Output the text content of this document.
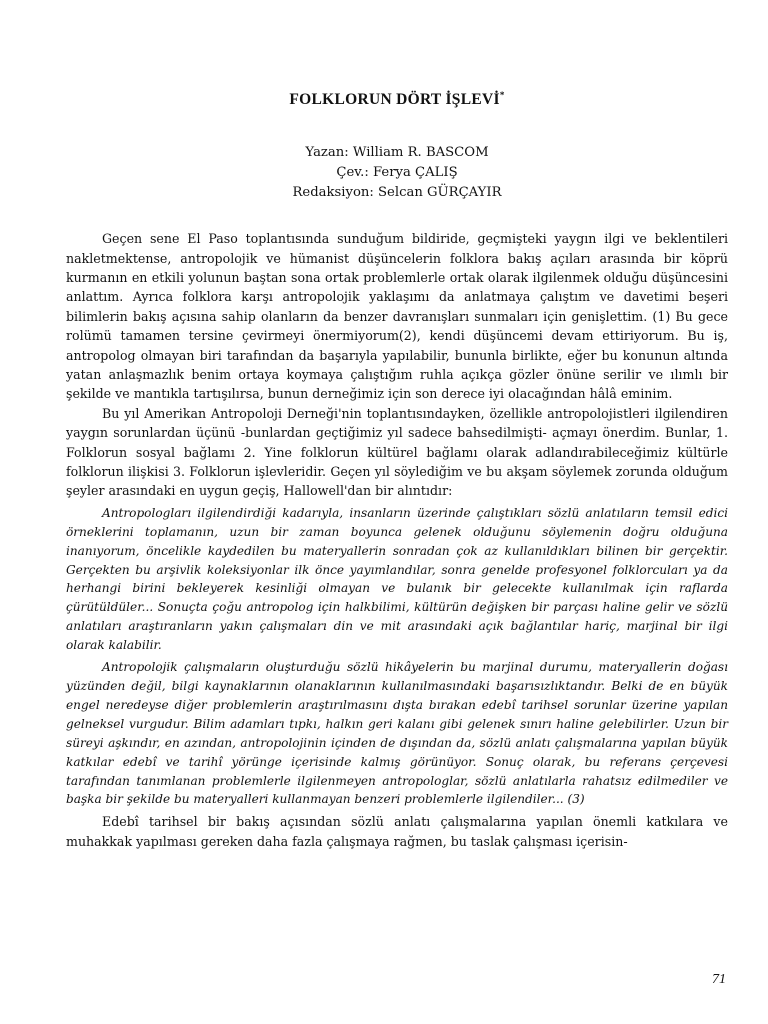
FOLKLORUN DÖRT İŞLEVİ*
Yazan: William R. BASCOM
Çev.: Ferya ÇALIŞ
Redaksiyon: Selcan GÜRÇAYIR

Geçen sene El Paso toplantısında sunduğum bildiride, geçmişteki yaygın ilgi ve beklentileri nakletmektense, antropolojik ve hümanist düşüncelerin folklora bakış açıları arasında bir köprü kurmanın en etkili yolunun baştan sona ortak problemlerle ortak olarak ilgilenmek olduğu düşüncesini anlattım. Ayrıca folklora karşı antropolojik yaklaşımı da anlatmaya çalıştım ve davetimi beşeri bilimlerin bakış açısına sahip olanların da benzer davranışları sunmaları için genişlettim. (1) Bu gece rolümü tamamen tersine çevirmeyi önermiyorum(2), kendi düşüncemi devam ettiriyorum. Bu iş, antropolog olmayan biri tarafından da başarıyla yapılabilir, bununla birlikte, eğer bu konunun altında yatan anlaşmazlık benim ortaya koymaya çalıştığım ruhla açıkça gözler önüne serilir ve ılımlı bir şekilde ve mantıkla tartışılırsa, bunun derneğimiz için son derece iyi olacağından hâlâ eminim.

Bu yıl Amerikan Antropoloji Derneği'nin toplantısındayken, özellikle antropolojistleri ilgilendiren yaygın sorunlardan üçünü -bunlardan geçtiğimiz yıl sadece bahsedilmişti- açmayı önerdim. Bunlar, 1. Folklorun sosyal bağlamı 2. Yine folklorun kültürel bağlamı olarak adlandırabileceğimiz kültürle folklorun ilişkisi 3. Folklorun işlevleridir. Geçen yıl söylediğim ve bu akşam söylemek zorunda olduğum şeyler arasındaki en uygun geçiş, Hallowell'dan bir alıntıdır:

Antropologları ilgilendirdiği kadarıyla, insanların üzerinde çalıştıkları sözlü anlatıların temsil edici örneklerini toplamanın, uzun bir zaman boyunca gelenek olduğunu söylemenin doğru olduğuna inanıyorum, öncelikle kaydedilen bu materyallerin sonradan çok az kullanıldıkları bilinen bir gerçektir. Gerçekten bu arşivlik koleksiyonlar ilk önce yayımlandılar, sonra genelde profesyonel folklorcuları ya da herhangi birini bekleyerek kesinliği olmayan ve bulanık bir gelecekte kullanılmak için raflarda çürütüldüler... Sonuçta çoğu antropolog için halkbilimi, kültürün değişken bir parçası haline gelir ve sözlü anlatıları araştıranların yakın çalışmaları din ve mit arasındaki açık bağlantılar hariç, marjinal bir ilgi olarak kalabilir.

Antropolojik çalışmaların oluşturduğu sözlü hikâyelerin bu marjinal durumu, materyallerin doğası yüzünden değil, bilgi kaynaklarının olanaklarının kullanılmasındaki başarısızlıktandır. Belki de en büyük engel neredeyse diğer problemlerin araştırılmasını dışta bırakan edebî tarihsel sorunlar üzerine yapılan gelneksel vurgudur. Bilim adamları tıpkı, halkın geri kalanı gibi gelenek sınırı haline gelebilirler. Uzun bir süreyi aşkındır, en azından, antropolojinin içinden de dışından da, sözlü anlatı çalışmalarına yapılan büyük katkılar edebî ve tarihî yörünge içerisinde kalmış görünüyor. Sonuç olarak, bu referans çerçevesi tarafından tanımlanan problemlerle ilgilenmeyen antropologlar, sözlü anlatılarla rahatsız edilmediler ve başka bir şekilde bu materyalleri kullanmayan benzeri problemlerle ilgilendiler... (3)

Edebî tarihsel bir bakış açısından sözlü anlatı çalışmalarına yapılan önemli katkılara ve muhakkak yapılması gereken daha fazla çalışmaya rağmen, bu taslak çalışması içerisin-

71
